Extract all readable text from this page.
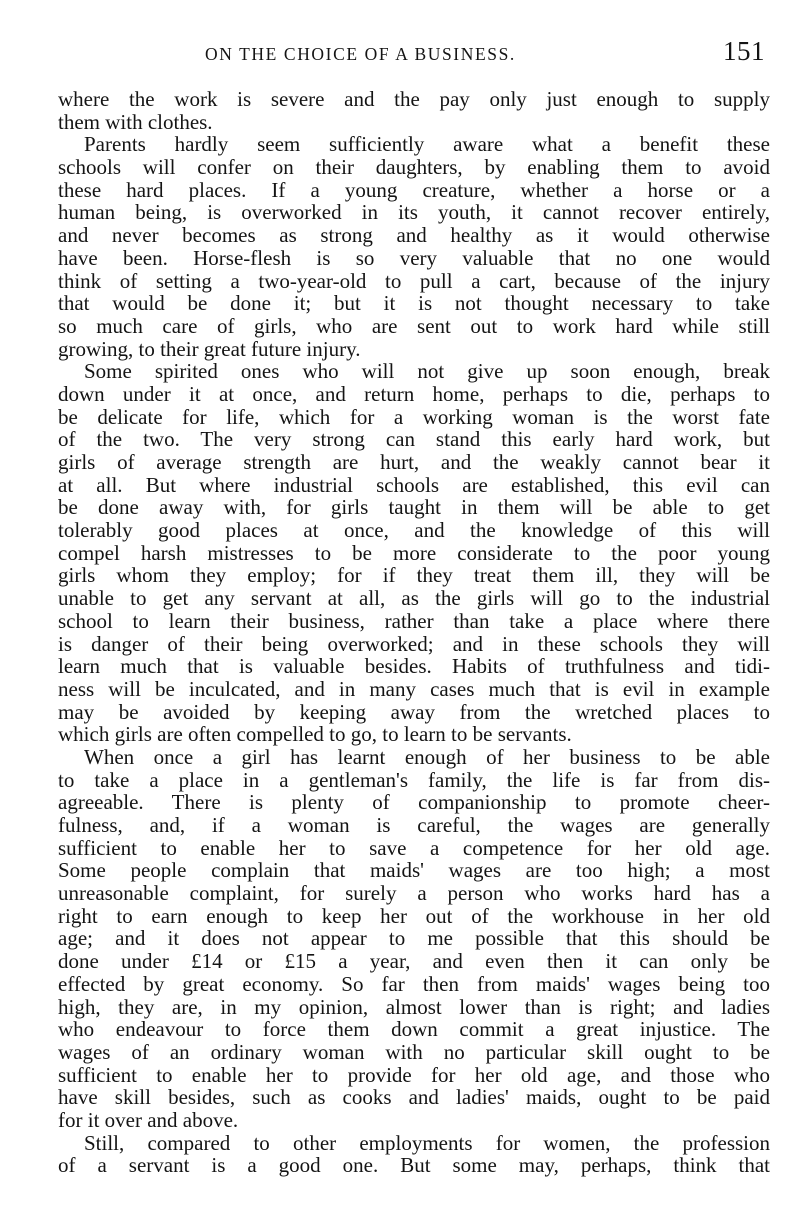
ON THE CHOICE OF A BUSINESS.	151
where the work is severe and the pay only just enough to supply
them with clothes.
Parents hardly seem sufficiently aware what a benefit these
schools will confer on their daughters, by enabling them to avoid
these hard places. If a young creature, whether a horse or a
human being, is overworked in its youth, it cannot recover entirely,
and never becomes as strong and healthy as it would otherwise
have been. Horse-flesh is so very valuable that no one would
think of setting a two-year-old to pull a cart, because of the injury
that would be done it; but it is not thought necessary to take
so much care of girls, who are sent out to work hard while still
growing, to their great future injury.
Some spirited ones who will not give up soon enough, break
down under it at once, and return home, perhaps to die, perhaps to
be delicate for life, which for a working woman is the worst fate
of the two. The very strong can stand this early hard work, but
girls of average strength are hurt, and the weakly cannot bear it
at all. But where industrial schools are established, this evil can
be done away with, for girls taught in them will be able to get
tolerably good places at once, and the knowledge of this will
compel harsh mistresses to be more considerate to the poor young
girls whom they employ; for if they treat them ill, they will be
unable to get any servant at all, as the girls will go to the industrial
school to learn their business, rather than take a place where there
is danger of their being overworked; and in these schools they will
learn much that is valuable besides. Habits of truthfulness and tidi-
ness will be inculcated, and in many cases much that is evil in example
may be avoided by keeping away from the wretched places to
which girls are often compelled to go, to learn to be servants.
When once a girl has learnt enough of her business to be able
to take a place in a gentleman's family, the life is far from dis-
agreeable. There is plenty of companionship to promote cheer-
fulness, and, if a woman is careful, the wages are generally
sufficient to enable her to save a competence for her old age.
Some people complain that maids' wages are too high; a most
unreasonable complaint, for surely a person who works hard has a
right to earn enough to keep her out of the workhouse in her old
age; and it does not appear to me possible that this should be
done under £14 or £15 a year, and even then it can only be
effected by great economy. So far then from maids' wages being too
high, they are, in my opinion, almost lower than is right; and ladies
who endeavour to force them down commit a great injustice. The
wages of an ordinary woman with no particular skill ought to be
sufficient to enable her to provide for her old age, and those who
have skill besides, such as cooks and ladies' maids, ought to be paid
for it over and above.
Still, compared to other employments for women, the profession
of a servant is a good one. But some may, perhaps, think that
